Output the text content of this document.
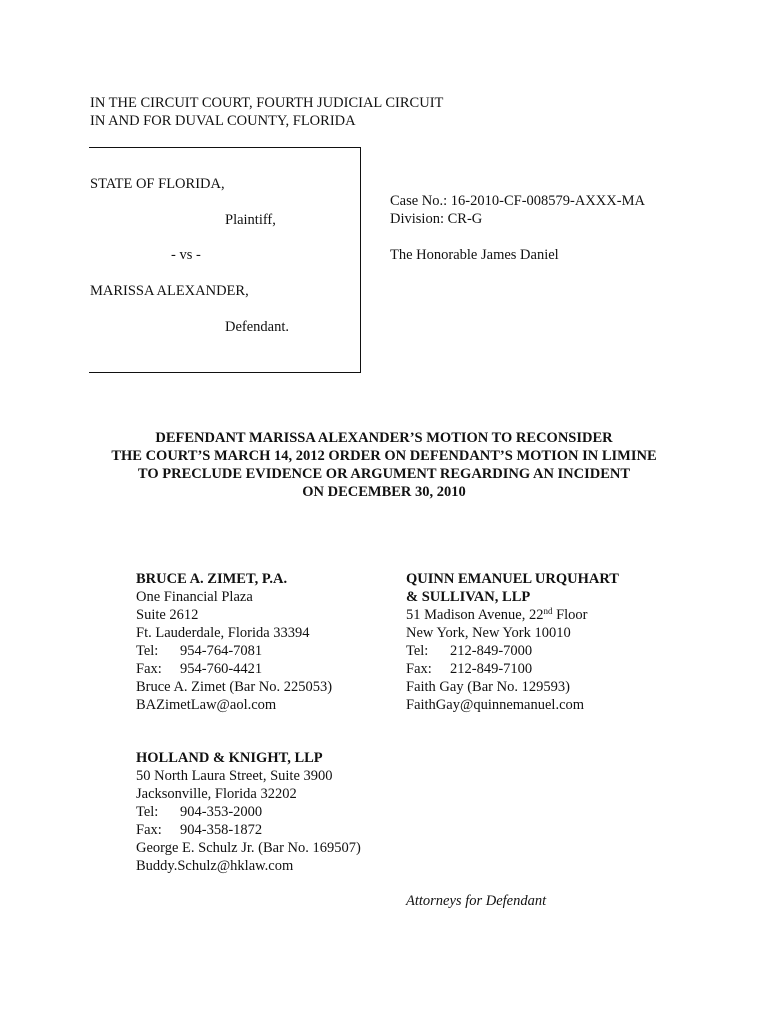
IN THE CIRCUIT COURT, FOURTH JUDICIAL CIRCUIT
IN AND FOR DUVAL COUNTY, FLORIDA
STATE OF FLORIDA,
Plaintiff,
- vs -
MARISSA ALEXANDER,
Defendant.
Case No.: 16-2010-CF-008579-AXXX-MA
Division: CR-G
The Honorable James Daniel
DEFENDANT MARISSA ALEXANDER’S MOTION TO RECONSIDER
THE COURT’S MARCH 14, 2012 ORDER ON DEFENDANT’S MOTION IN LIMINE
TO PRECLUDE EVIDENCE OR ARGUMENT REGARDING AN INCIDENT
ON DECEMBER 30, 2010
BRUCE A. ZIMET, P.A.
One Financial Plaza
Suite 2612
Ft. Lauderdale, Florida 33394
Tel: 954-764-7081
Fax: 954-760-4421
Bruce A. Zimet (Bar No. 225053)
BAZimetLaw@aol.com
QUINN EMANUEL URQUHART
& SULLIVAN, LLP
51 Madison Avenue, 22nd Floor
New York, New York 10010
Tel: 212-849-7000
Fax: 212-849-7100
Faith Gay (Bar No. 129593)
FaithGay@quinnemanuel.com
HOLLAND & KNIGHT, LLP
50 North Laura Street, Suite 3900
Jacksonville, Florida 32202
Tel: 904-353-2000
Fax: 904-358-1872
George E. Schulz Jr. (Bar No. 169507)
Buddy.Schulz@hklaw.com
Attorneys for Defendant
